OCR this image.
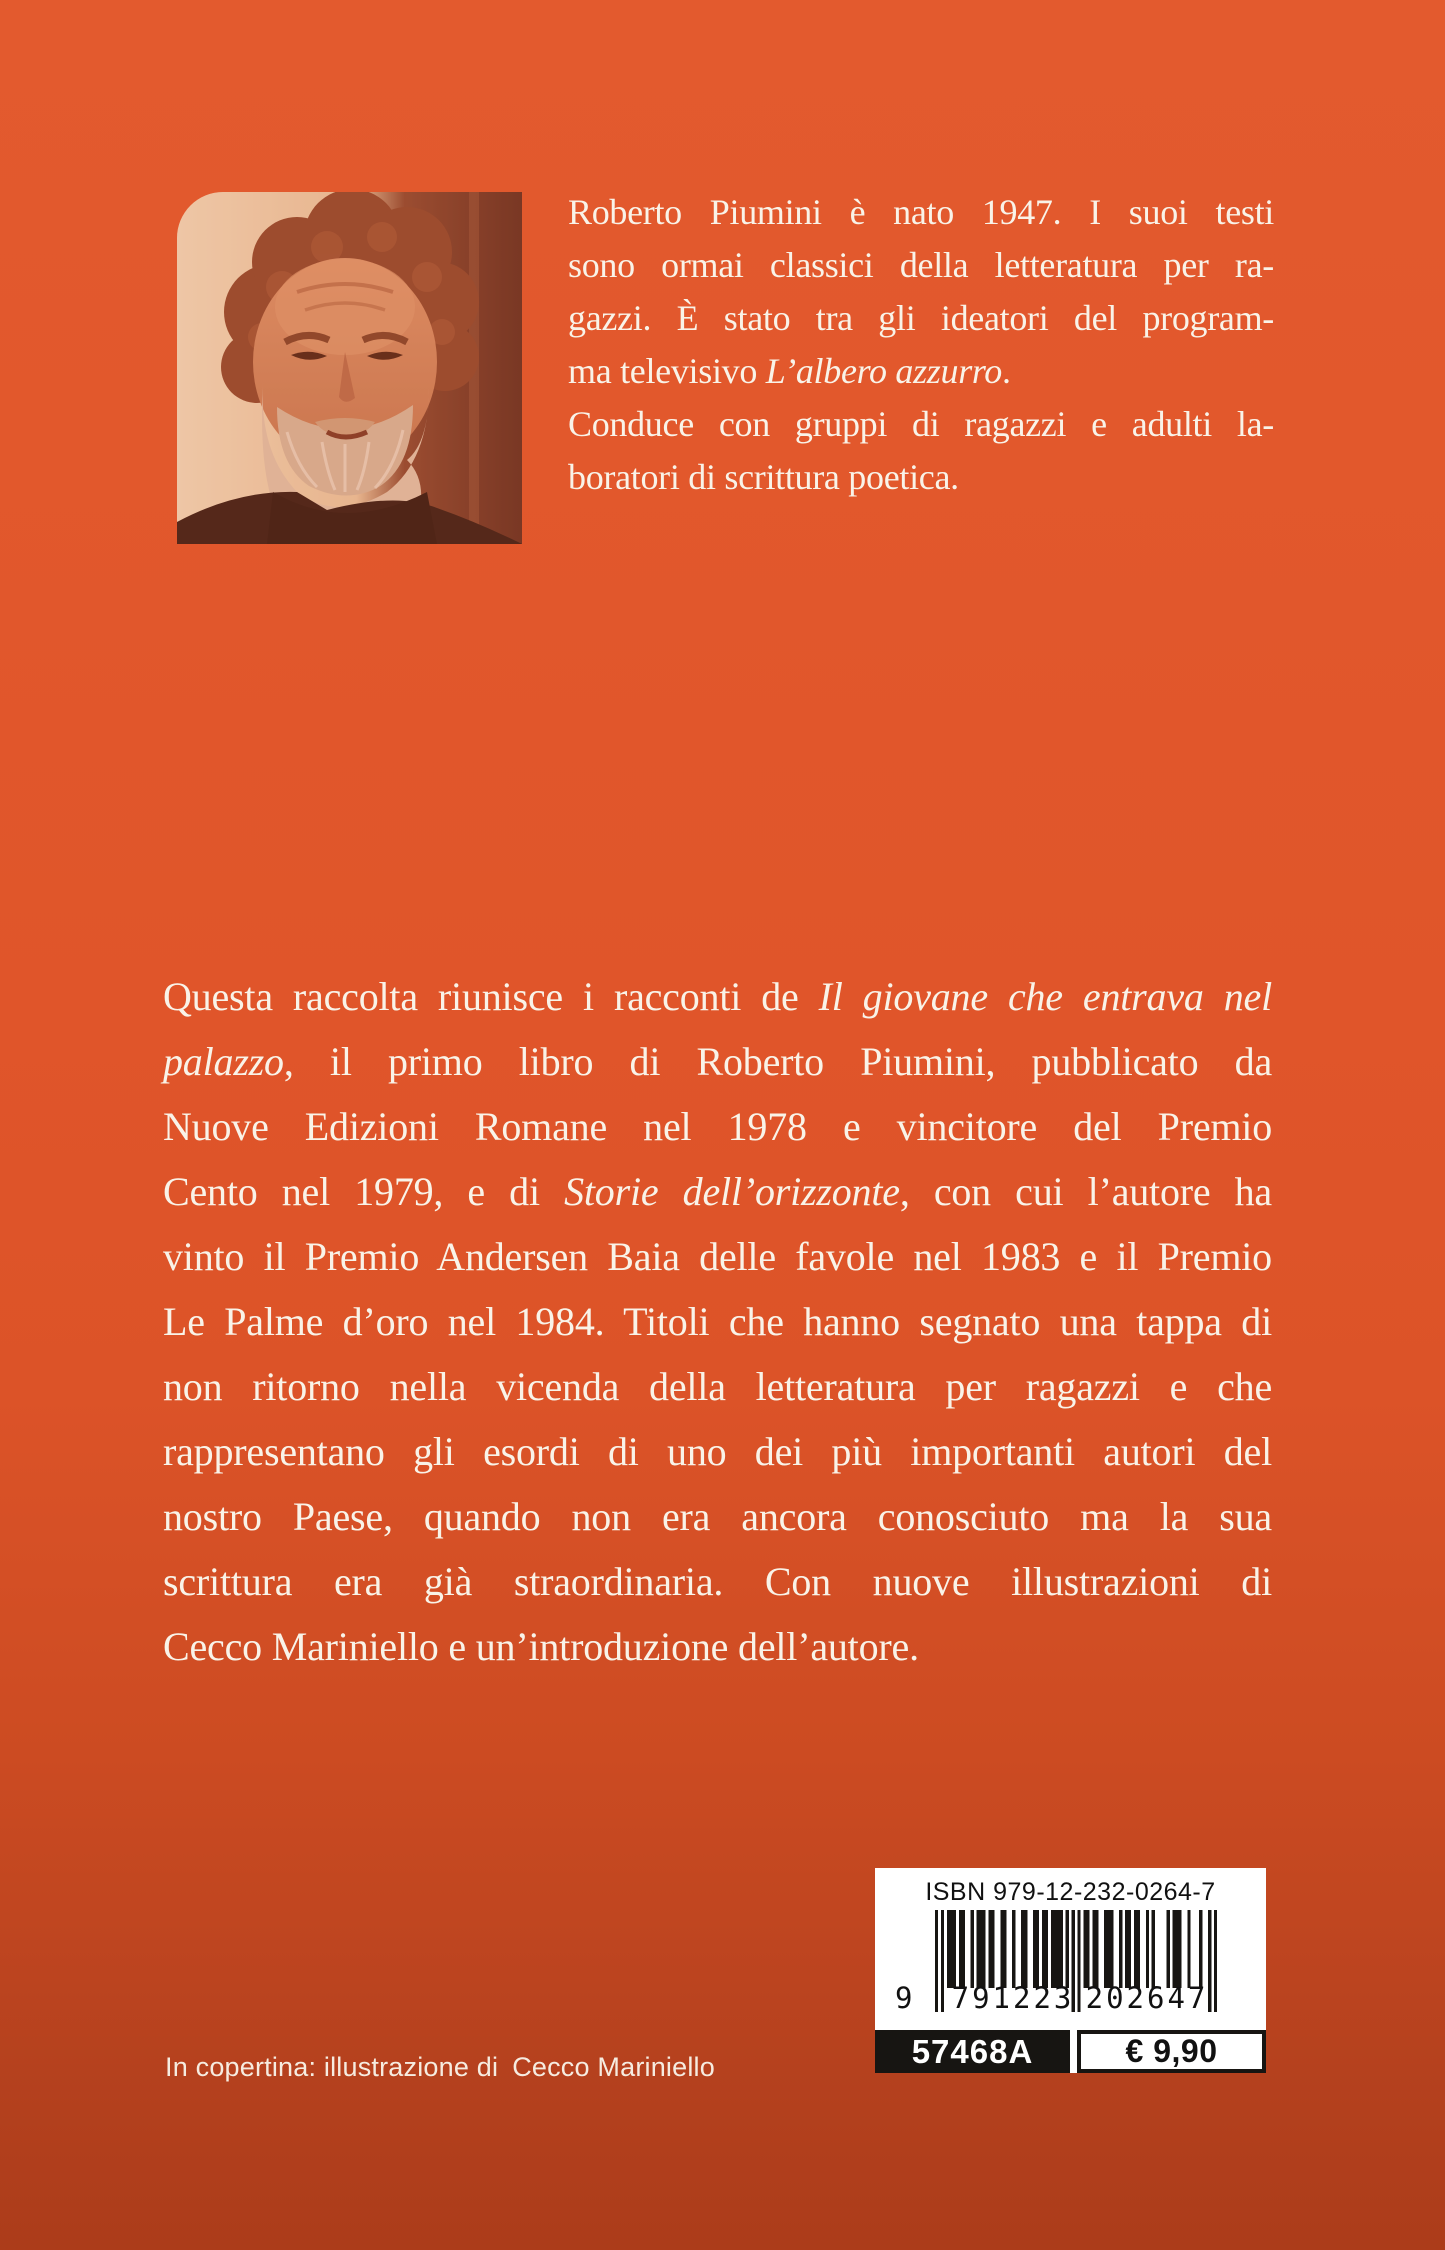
Roberto Piumini è nato 1947. I suoi testi
sono ormai classici della letteratura per ra-
gazzi. È stato tra gli ideatori del program-
ma televisivo L’albero azzurro.
Conduce con gruppi di ragazzi e adulti la-
boratori di scrittura poetica.
Questa raccolta riunisce i racconti de Il giovane che entrava nel
palazzo, il primo libro di Roberto Piumini, pubblicato da
Nuove Edizioni Romane nel 1978 e vincitore del Premio
Cento nel 1979, e di Storie dell’orizzonte, con cui l’autore ha
vinto il Premio Andersen Baia delle favole nel 1983 e il Premio
Le Palme d’oro nel 1984. Titoli che hanno segnato una tappa di
non ritorno nella vicenda della letteratura per ragazzi e che
rappresentano gli esordi di uno dei più importanti autori del
nostro Paese, quando non era ancora conosciuto ma la sua
scrittura era già straordinaria. Con nuove illustrazioni di
Cecco Mariniello e un’introduzione dell’autore.
ISBN 979-12-232-0264-7
9 791223 202647
57468A	€ 9,90
In copertina: illustrazione di Cecco Mariniello
